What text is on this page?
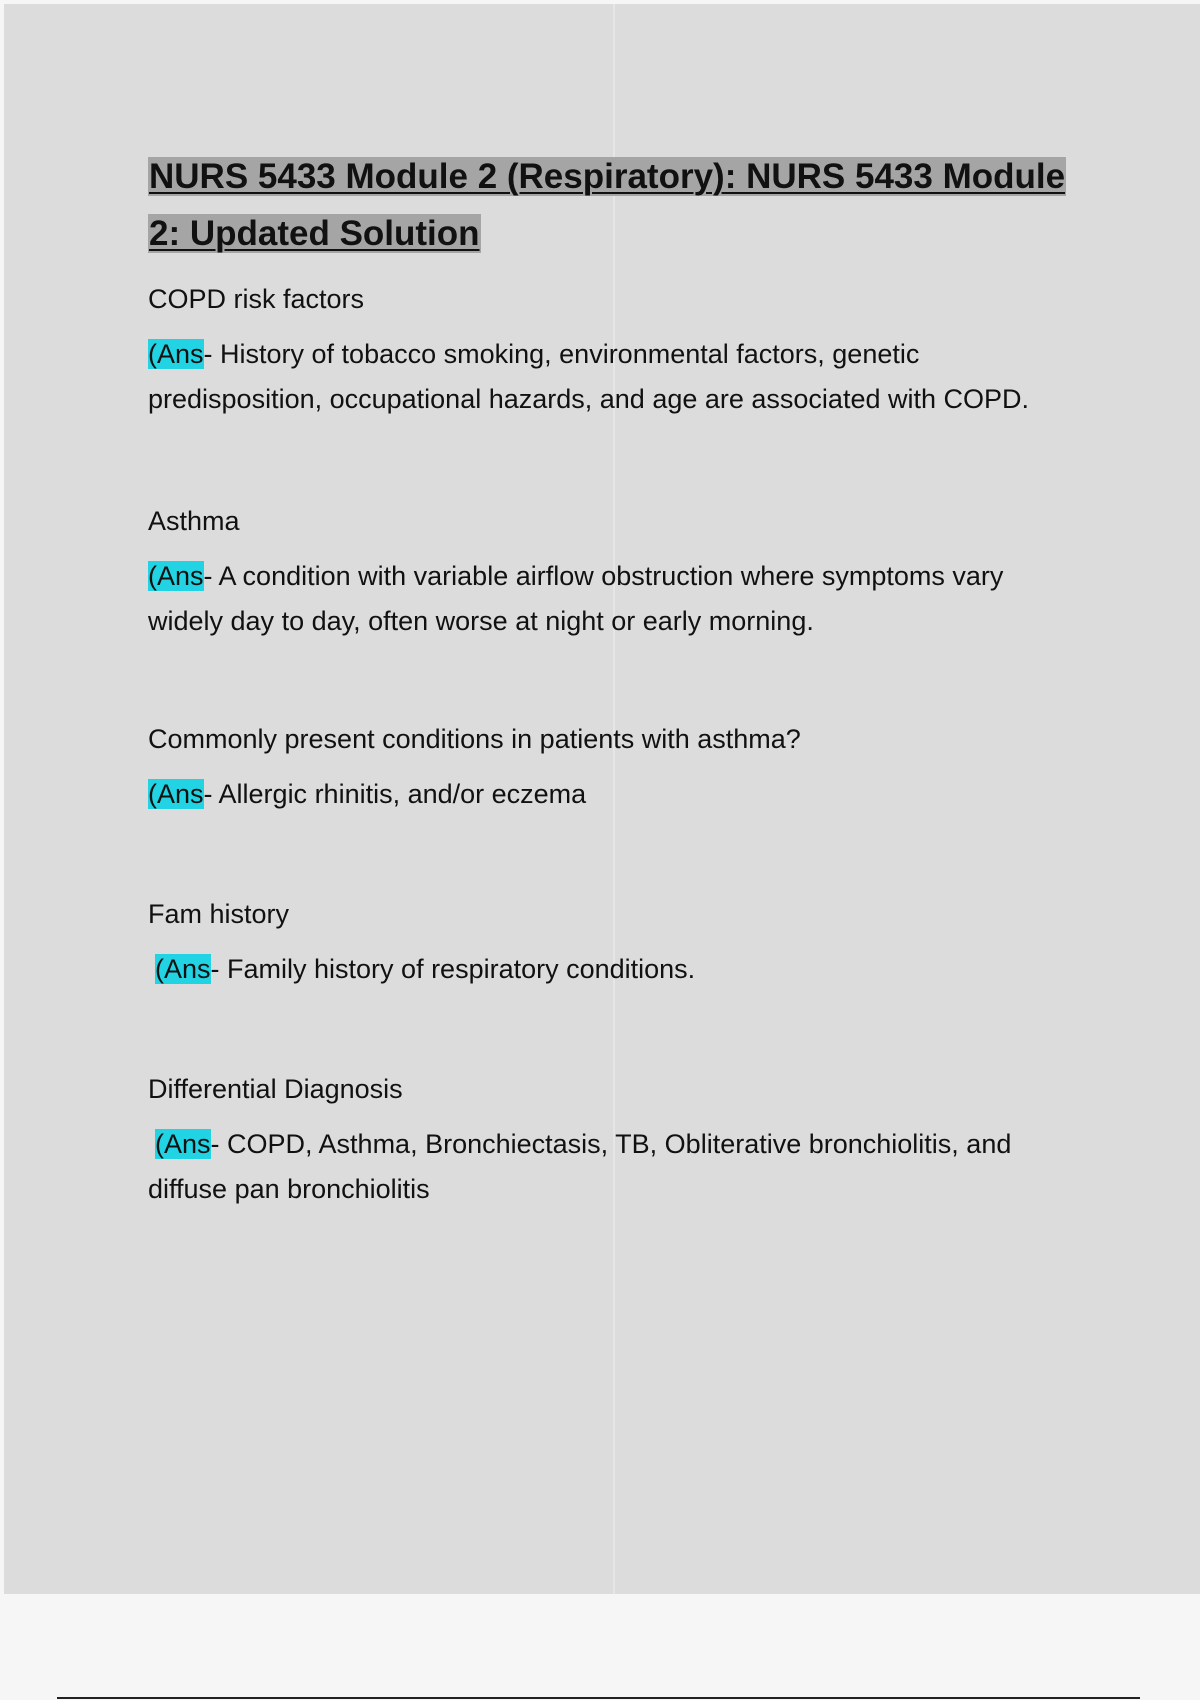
NURS 5433 Module 2 (Respiratory): NURS 5433 Module 2: Updated Solution

COPD risk factors

(Ans- History of tobacco smoking, environmental factors, genetic predisposition, occupational hazards, and age are associated with COPD.

Asthma

(Ans- A condition with variable airflow obstruction where symptoms vary widely day to day, often worse at night or early morning.

Commonly present conditions in patients with asthma?

(Ans- Allergic rhinitis, and/or eczema

Fam history

(Ans- Family history of respiratory conditions.

Differential Diagnosis

(Ans- COPD, Asthma, Bronchiectasis, TB, Obliterative bronchiolitis, and diffuse pan bronchiolitis
